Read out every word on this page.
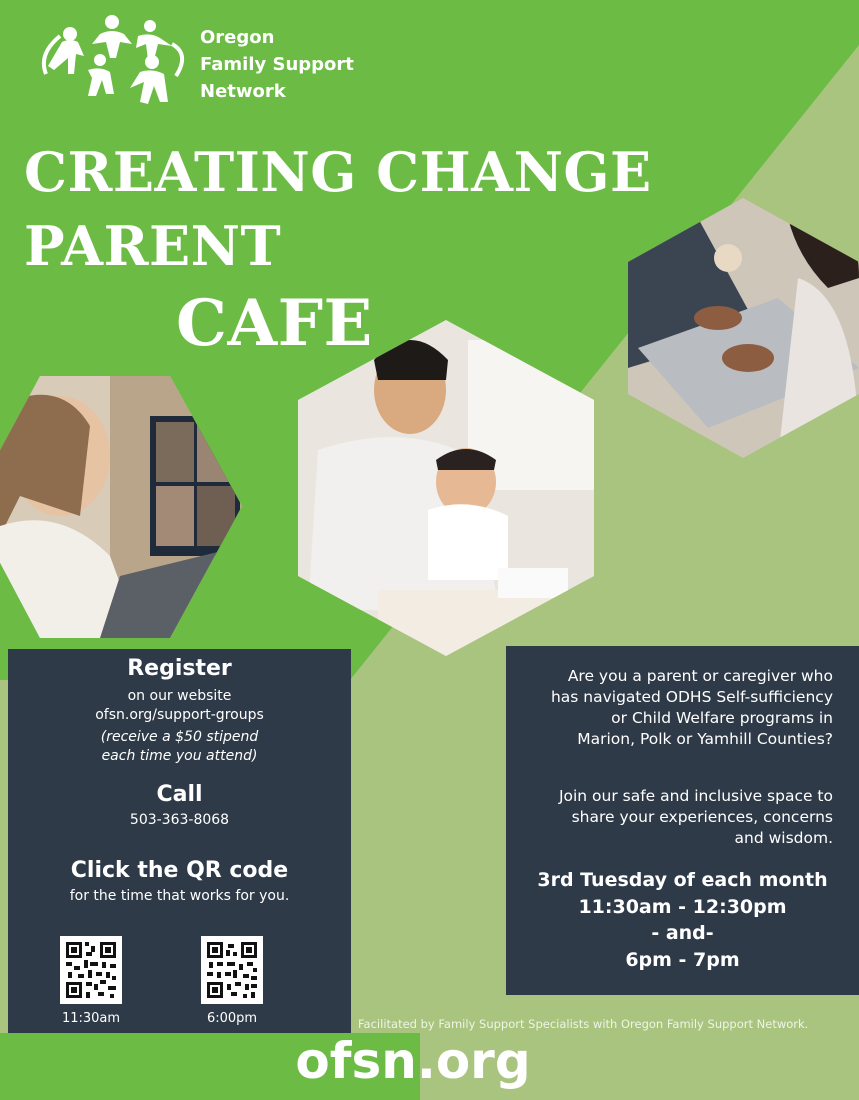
Oregon
Family Support
Network
CREATING CHANGE
PARENT
CAFE
Register
on our website
ofsn.org/support-groups
(receive a $50 stipend
each time you attend)
Call
503-363-8068
Click the QR code
for the time that works for you.
11:30am	6:00pm
Are you a parent or caregiver who
has navigated ODHS Self-sufficiency
or Child Welfare programs in
Marion, Polk or Yamhill Counties?
Join our safe and inclusive space to
share your experiences, concerns
and wisdom.
3rd Tuesday of each month
11:30am - 12:30pm
- and-
6pm - 7pm
Facilitated by Family Support Specialists with Oregon Family Support Network.
ofsn.org
